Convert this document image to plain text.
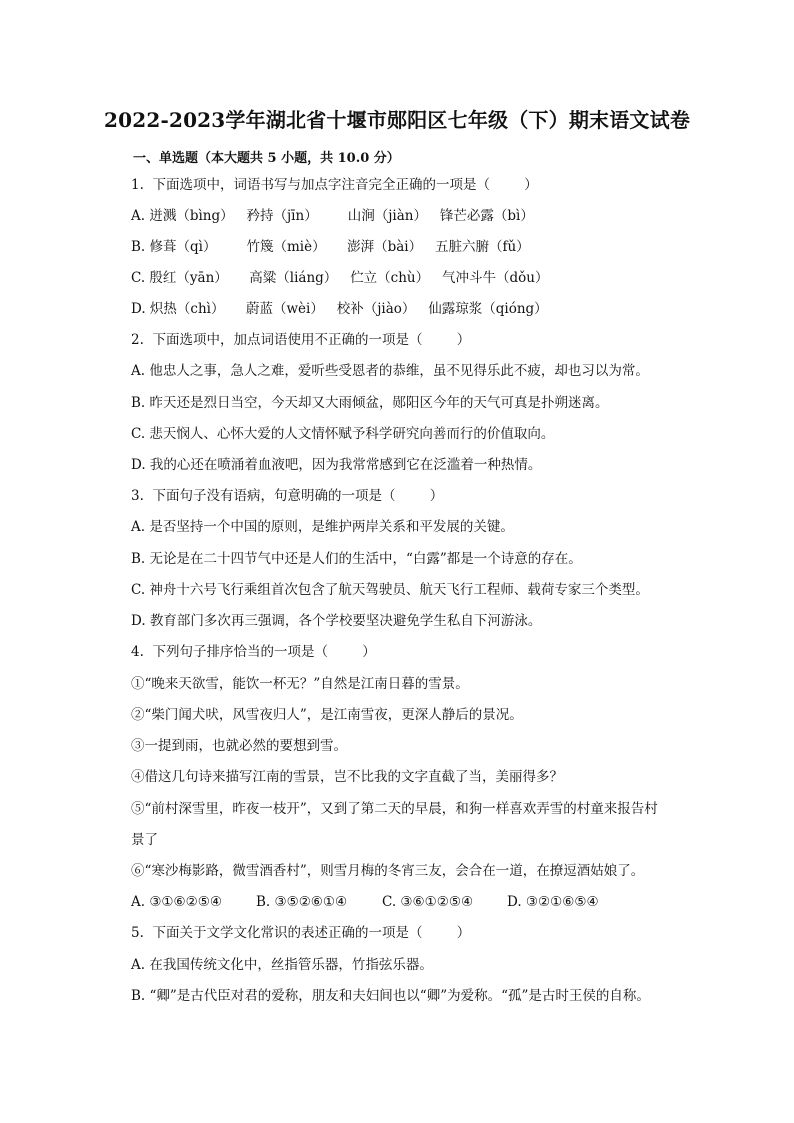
2022-2023学年湖北省十堰市郧阳区七年级（下）期末语文试卷
一、单选题（本大题共 5 小题，共 10.0 分）
1.  下面选项中，词语书写与加点字注音完全正确的一项是（        ）
A. 迸溅（bìng）   矜持（jīn）       山涧（jiàn）   锋芒必露（bì）
B. 修葺（qì）       竹篾（miè）     澎湃（bài）   五脏六腑（fǔ）
C. 殷红（yān）     高粱（liáng）   伫立（chù）   气冲斗牛（dǒu）
D. 炽热（chì）     蔚蓝（wèi）   校补（jiào）   仙露琼浆（qióng）
2.  下面选项中，加点词语使用不正确的一项是（        ）
A. 他忠人之事，急人之难，爱听些受恩者的恭维，虽不见得乐此不疲，却也习以为常。
B. 昨天还是烈日当空，今天却又大雨倾盆，郧阳区今年的天气可真是扑朔迷离。
C. 悲天悯人、心怀大爱的人文情怀赋予科学研究向善而行的价值取向。
D. 我的心还在喷涌着血液吧，因为我常常感到它在泛滥着一种热情。
3.  下面句子没有语病，句意明确的一项是（        ）
A. 是否坚持一个中国的原则，是维护两岸关系和平发展的关键。
B. 无论是在二十四节气中还是人们的生活中，“白露”都是一个诗意的存在。
C. 神舟十六号飞行乘组首次包含了航天驾驶员、航天飞行工程师、载荷专家三个类型。
D. 教育部门多次再三强调，各个学校要坚决避免学生私自下河游泳。
4.  下列句子排序恰当的一项是（        ）
①“晚来天欲雪，能饮一杯无？”自然是江南日暮的雪景。
②“柴门闻犬吠，风雪夜归人”，是江南雪夜，更深人静后的景况。
③一提到雨，也就必然的要想到雪。
④借这几句诗来描写江南的雪景，岂不比我的文字直截了当，美丽得多？
⑤“前村深雪里，昨夜一枝开”，又到了第二天的早晨，和狗一样喜欢弄雪的村童来报告村
景了
⑥“寒沙梅影路，微雪酒香村”，则雪月梅的冬宵三友，会合在一道，在撩逗酒姑娘了。
A. ③①⑥②⑤④	B. ③⑤②⑥①④	C. ③⑥①②⑤④	D. ③②①⑥⑤④
5.  下面关于文学文化常识的表述正确的一项是（        ）
A. 在我国传统文化中，丝指管乐器，竹指弦乐器。
B. “卿”是古代臣对君的爱称，朋友和夫妇间也以“卿”为爱称。“孤”是古时王侯的自称。
